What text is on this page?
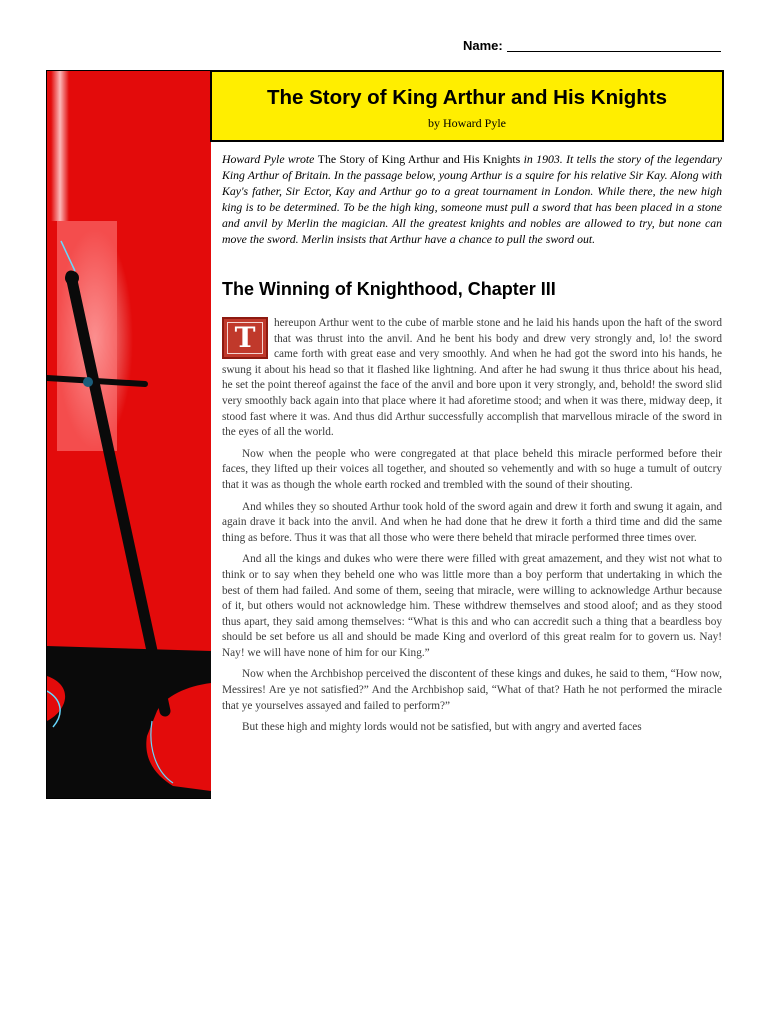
Name:
The Story of King Arthur and His Knights
by Howard Pyle
Howard Pyle wrote The Story of King Arthur and His Knights in 1903. It tells the story of the legendary King Arthur of Britain. In the passage below, young Arthur is a squire for his relative Sir Kay. Along with Kay's father, Sir Ector, Kay and Arthur go to a great tournament in London. While there, the new high king is to be determined. To be the high king, someone must pull a sword that has been placed in a stone and anvil by Merlin the magician. All the greatest knights and nobles are allowed to try, but none can move the sword. Merlin insists that Arthur have a chance to pull the sword out.
The Winning of Knighthood, Chapter III

T	hereupon Arthur went to the cube of marble stone and he laid his hands upon the haft of the sword that was thrust into the anvil. And he bent his body and drew very strongly and, lo! the sword came forth with great ease and very smoothly. And when he had got the sword into his hands, he swung it about his head so that it flashed like lightning. And after he had swung it thus thrice about his head, he set the point thereof against the face of the anvil and bore upon it very strongly, and, behold! the sword slid very smoothly back again into that place where it had aforetime stood; and when it was there, midway deep, it stood fast where it was. And thus did Arthur successfully accomplish that marvellous miracle of the sword in the eyes of all the world.

Now when the people who were congregated at that place beheld this miracle performed before their faces, they lifted up their voices all together, and shouted so vehemently and with so huge a tumult of outcry that it was as though the whole earth rocked and trembled with the sound of their shouting.

And whiles they so shouted Arthur took hold of the sword again and drew it forth and swung it again, and again drave it back into the anvil. And when he had done that he drew it forth a third time and did the same thing as before. Thus it was that all those who were there beheld that miracle performed three times over.

And all the kings and dukes who were there were filled with great amazement, and they wist not what to think or to say when they beheld one who was little more than a boy perform that undertaking in which the best of them had failed. And some of them, seeing that miracle, were willing to acknowledge Arthur because of it, but others would not acknowledge him. These withdrew themselves and stood aloof; and as they stood thus apart, they said among themselves: “What is this and who can accredit such a thing that a beardless boy should be set before us all and should be made King and overlord of this great realm for to govern us. Nay! Nay! we will have none of him for our King.”

Now when the Archbishop perceived the discontent of these kings and dukes, he said to them, “How now, Messires! Are ye not satisfied?” And the Archbishop said, “What of that? Hath he not performed the miracle that ye yourselves assayed and failed to perform?”

But these high and mighty lords would not be satisfied, but with angry and averted faces
